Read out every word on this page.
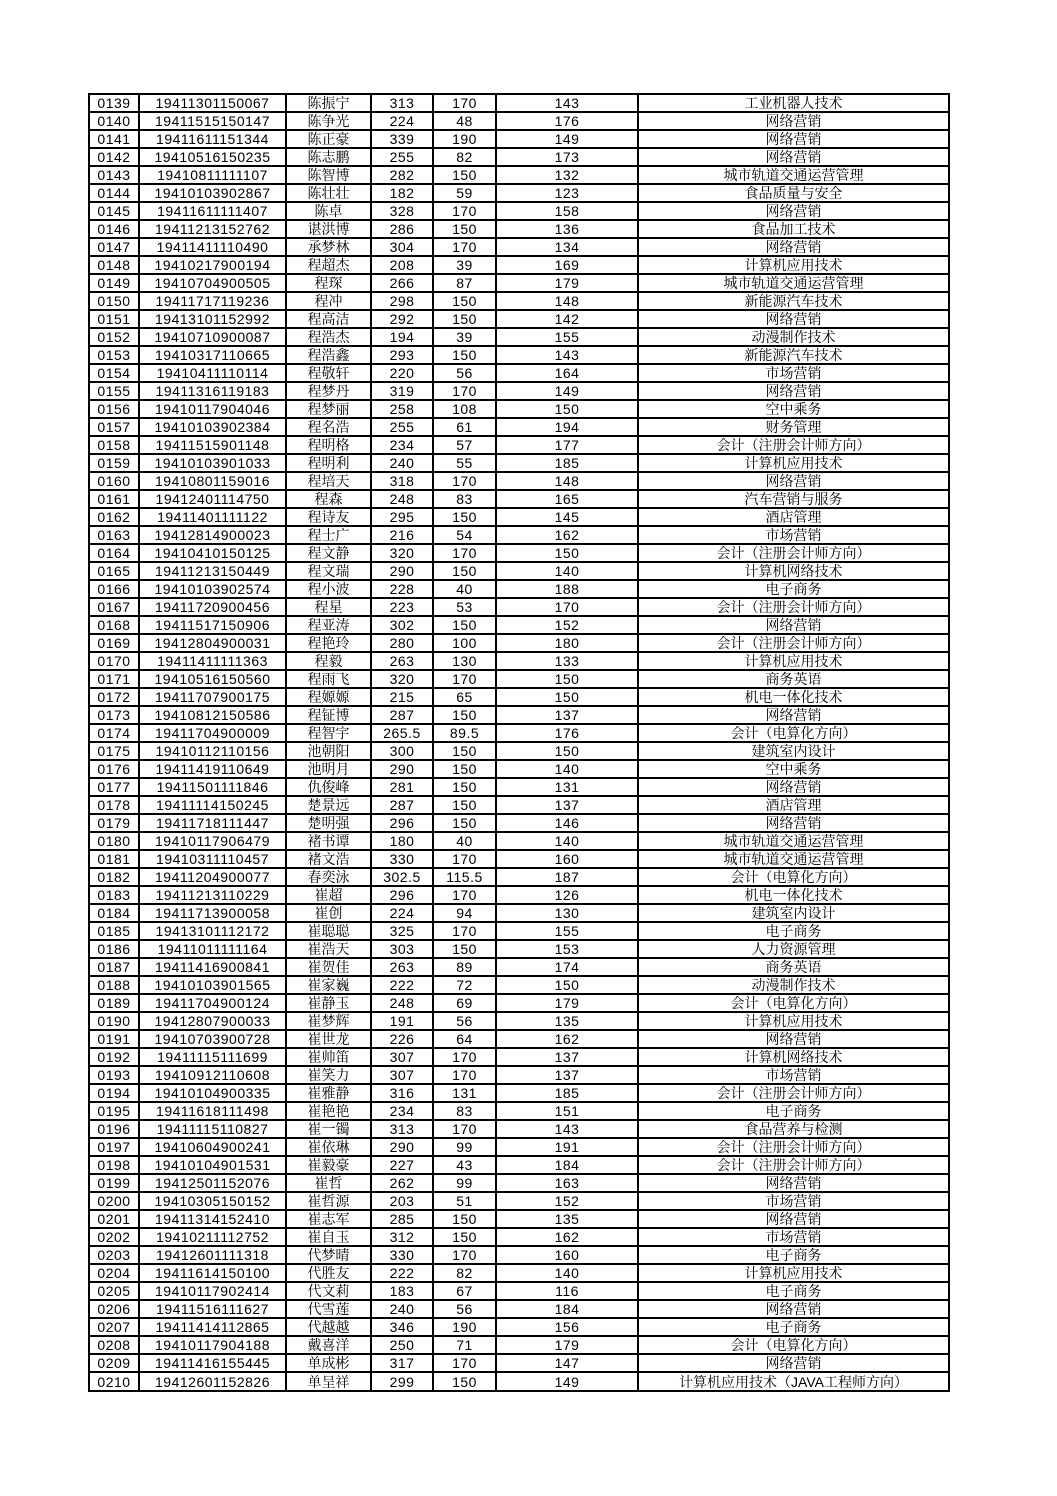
0139	19411301150067	陈振宁	313	170	143	工业机器人技术
0140	19411515150147	陈争光	224	48	176	网络营销
0141	19411611151344	陈正豪	339	190	149	网络营销
0142	19410516150235	陈志鹏	255	82	173	网络营销
0143	19410811111107	陈智博	282	150	132	城市轨道交通运营管理
0144	19410103902867	陈壮壮	182	59	123	食品质量与安全
0145	19411611111407	陈卓	328	170	158	网络营销
0146	19411213152762	谌洪博	286	150	136	食品加工技术
0147	19411411110490	承梦林	304	170	134	网络营销
0148	19410217900194	程超杰	208	39	169	计算机应用技术
0149	19410704900505	程琛	266	87	179	城市轨道交通运营管理
0150	19411717119236	程冲	298	150	148	新能源汽车技术
0151	19413101152992	程高洁	292	150	142	网络营销
0152	19410710900087	程浩杰	194	39	155	动漫制作技术
0153	19410317110665	程浩鑫	293	150	143	新能源汽车技术
0154	19410411110114	程敬轩	220	56	164	市场营销
0155	19411316119183	程梦丹	319	170	149	网络营销
0156	19410117904046	程梦丽	258	108	150	空中乘务
0157	19410103902384	程名浩	255	61	194	财务管理
0158	19411515901148	程明格	234	57	177	会计（注册会计师方向）
0159	19410103901033	程明利	240	55	185	计算机应用技术
0160	19410801159016	程培天	318	170	148	网络营销
0161	19412401114750	程森	248	83	165	汽车营销与服务
0162	19411401111122	程诗友	295	150	145	酒店管理
0163	19412814900023	程士广	216	54	162	市场营销
0164	19410410150125	程文静	320	170	150	会计（注册会计师方向）
0165	19411213150449	程文瑞	290	150	140	计算机网络技术
0166	19410103902574	程小波	228	40	188	电子商务
0167	19411720900456	程星	223	53	170	会计（注册会计师方向）
0168	19411517150906	程亚涛	302	150	152	网络营销
0169	19412804900031	程艳玲	280	100	180	会计（注册会计师方向）
0170	19411411111363	程毅	263	130	133	计算机应用技术
0171	19410516150560	程雨飞	320	170	150	商务英语
0172	19411707900175	程嫄嫄	215	65	150	机电一体化技术
0173	19410812150586	程钲博	287	150	137	网络营销
0174	19411704900009	程智宇	265.5	89.5	176	会计（电算化方向）
0175	19410112110156	池朝阳	300	150	150	建筑室内设计
0176	19411419110649	池明月	290	150	140	空中乘务
0177	19411501111846	仇俊峰	281	150	131	网络营销
0178	19411114150245	楚景远	287	150	137	酒店管理
0179	19411718111447	楚明强	296	150	146	网络营销
0180	19410117906479	褚书谭	180	40	140	城市轨道交通运营管理
0181	19410311110457	褚文浩	330	170	160	城市轨道交通运营管理
0182	19411204900077	春奕泳	302.5	115.5	187	会计（电算化方向）
0183	19411213110229	崔超	296	170	126	机电一体化技术
0184	19411713900058	崔创	224	94	130	建筑室内设计
0185	19413101112172	崔聪聪	325	170	155	电子商务
0186	19411011111164	崔浩天	303	150	153	人力资源管理
0187	19411416900841	崔贺佳	263	89	174	商务英语
0188	19410103901565	崔家巍	222	72	150	动漫制作技术
0189	19411704900124	崔静玉	248	69	179	会计（电算化方向）
0190	19412807900033	崔梦辉	191	56	135	计算机应用技术
0191	19410703900728	崔世龙	226	64	162	网络营销
0192	19411115111699	崔帅笛	307	170	137	计算机网络技术
0193	19410912110608	崔笑力	307	170	137	市场营销
0194	19410104900335	崔雅静	316	131	185	会计（注册会计师方向）
0195	19411618111498	崔艳艳	234	83	151	电子商务
0196	19411115110827	崔一镯	313	170	143	食品营养与检测
0197	19410604900241	崔依琳	290	99	191	会计（注册会计师方向）
0198	19410104901531	崔毅豪	227	43	184	会计（注册会计师方向）
0199	19412501152076	崔哲	262	99	163	网络营销
0200	19410305150152	崔哲源	203	51	152	市场营销
0201	19411314152410	崔志军	285	150	135	网络营销
0202	19410211112752	崔自玉	312	150	162	市场营销
0203	19412601111318	代梦晴	330	170	160	电子商务
0204	19411614150100	代胜友	222	82	140	计算机应用技术
0205	19410117902414	代文莉	183	67	116	电子商务
0206	19411516111627	代雪莲	240	56	184	网络营销
0207	19411414112865	代越越	346	190	156	电子商务
0208	19410117904188	戴喜洋	250	71	179	会计（电算化方向）
0209	19411416155445	单成彬	317	170	147	网络营销
0210	19412601152826	单呈祥	299	150	149	计算机应用技术（JAVA工程师方向）
